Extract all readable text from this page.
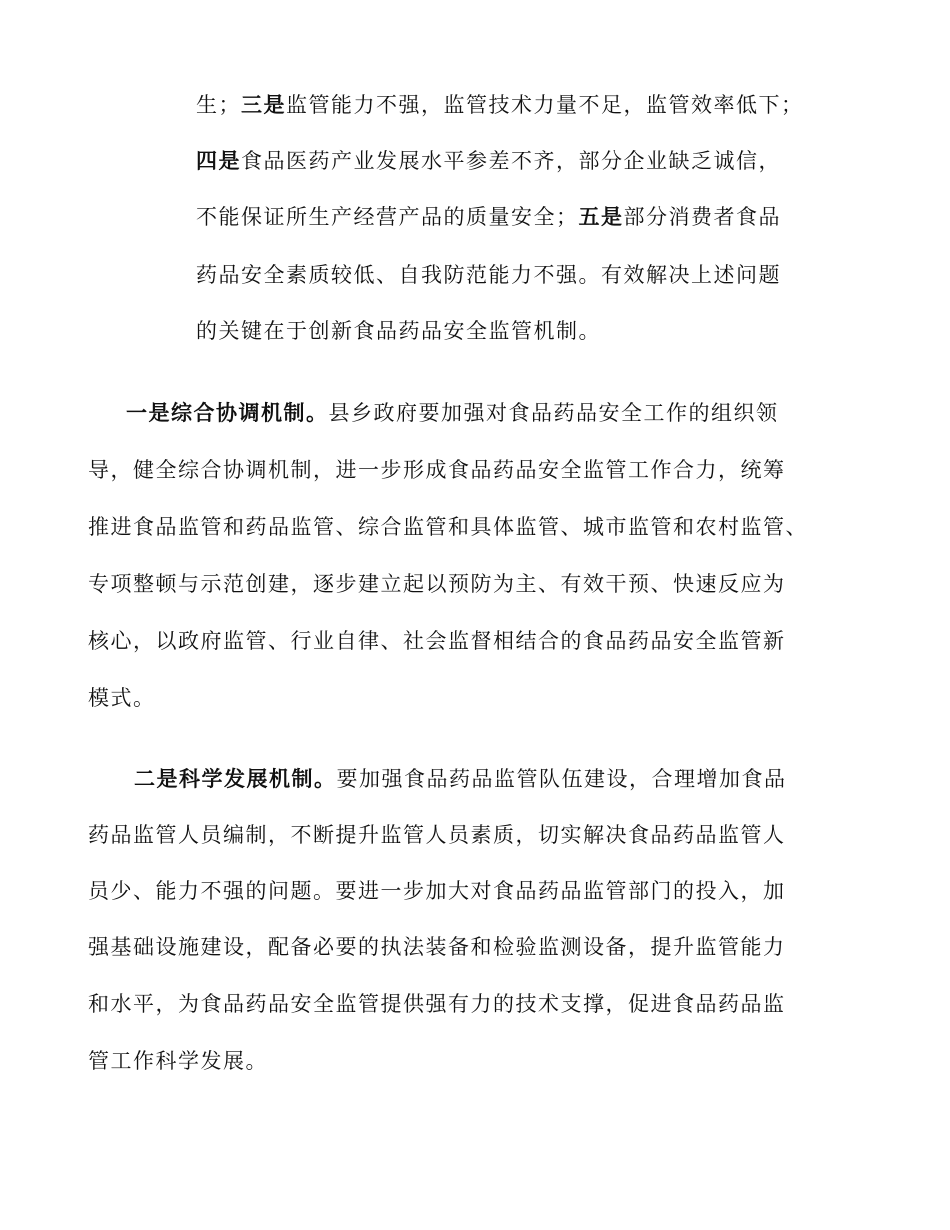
生；三是监管能力不强，监管技术力量不足，监管效率低下；
四是食品医药产业发展水平参差不齐，部分企业缺乏诚信，
不能保证所生产经营产品的质量安全；五是部分消费者食品
药品安全素质较低、自我防范能力不强。有效解决上述问题
的关键在于创新食品药品安全监管机制。
一是综合协调机制。县乡政府要加强对食品药品安全工作的组织领
导，健全综合协调机制，进一步形成食品药品安全监管工作合力，统筹
推进食品监管和药品监管、综合监管和具体监管、城市监管和农村监管、
专项整顿与示范创建，逐步建立起以预防为主、有效干预、快速反应为
核心，以政府监管、行业自律、社会监督相结合的食品药品安全监管新
模式。
二是科学发展机制。要加强食品药品监管队伍建设，合理增加食品
药品监管人员编制，不断提升监管人员素质，切实解决食品药品监管人
员少、能力不强的问题。要进一步加大对食品药品监管部门的投入，加
强基础设施建设，配备必要的执法装备和检验监测设备，提升监管能力
和水平，为食品药品安全监管提供强有力的技术支撑，促进食品药品监
管工作科学发展。
